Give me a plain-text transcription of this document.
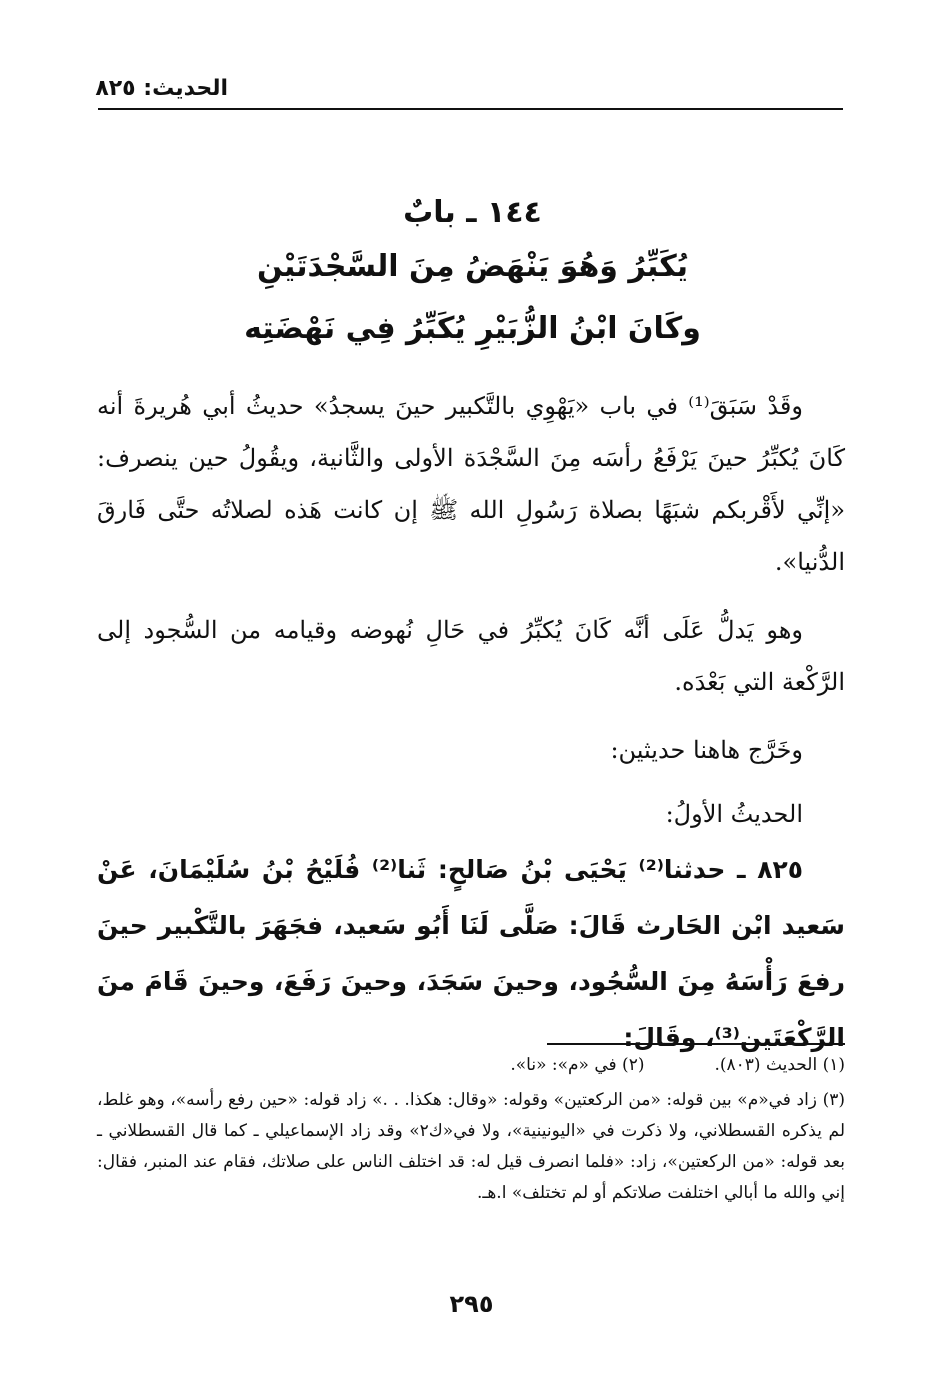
الحديث: ٨٢٥
١٤٤ ـ بابٌ
يُكَبِّرُ وَهُوَ يَنْهَضُ مِنَ السَّجْدَتَيْنِ
وكَانَ ابْنُ الزُّبَيْرِ يُكَبِّرُ فِي نَهْضَتِه

وقَدْ سَبَقَ⁽¹⁾ في باب «يَهْوِي بالتَّكبير حينَ يسجدُ» حديثُ أبي هُريرةَ أنه كَانَ يُكبِّرُ حينَ يَرْفَعُ رأسَه مِنَ السَّجْدَة الأولى والثَّانية، ويقُولُ حين ينصرف: «إنِّي لأَقْربكم شبَهًا بصلاة رَسُولِ الله ﷺ إن كانت هَذه لصلاتُه حتَّى فَارقَ الدُّنيا».

وهو يَدلُّ عَلَى أنَّه كَانَ يُكبِّرُ في حَالِ نُهوضه وقيامه من السُّجود إلى الرَّكْعة التي بَعْدَه.

وخَرَّج هاهنا حديثين:

الحديثُ الأولُ:

٨٢٥ ـ حدثنا⁽²⁾ يَحْيَى بْنُ صَالحٍ: ثَنا⁽²⁾ فُلَيْحُ بْنُ سُلَيْمَانَ، عَنْ سَعيد ابْن الحَارث قَالَ: صَلَّى لَنَا أَبُو سَعيد، فجَهَرَ بالتَّكْبير حينَ رفعَ رَأْسَهُ مِنَ السُّجُود، وحينَ سَجَدَ، وحينَ رَفَعَ، وحينَ قَامَ منَ الرَّكْعَتَين⁽³⁾، وقَالَ:
(١) الحديث (٨٠٣).
(٢) في «م»: «نا».
(٣) زاد في«م» بين قوله: «من الركعتين» وقوله: «وقال: هكذا. . .» زاد قوله: «حين رفع رأسه»، وهو غلط، لم يذكره القسطلاني، ولا ذكرت في «اليونينية»، ولا في«ك٢» وقد زاد الإسماعيلي ـ كما قال القسطلاني ـ بعد قوله: «من الركعتين»، زاد: «فلما انصرف قيل له: قد اختلف الناس على صلاتك، فقام عند المنبر، فقال: إني والله ما أبالي اختلفت صلاتكم أو لم تختلف» ا.هـ.
٢٩٥
